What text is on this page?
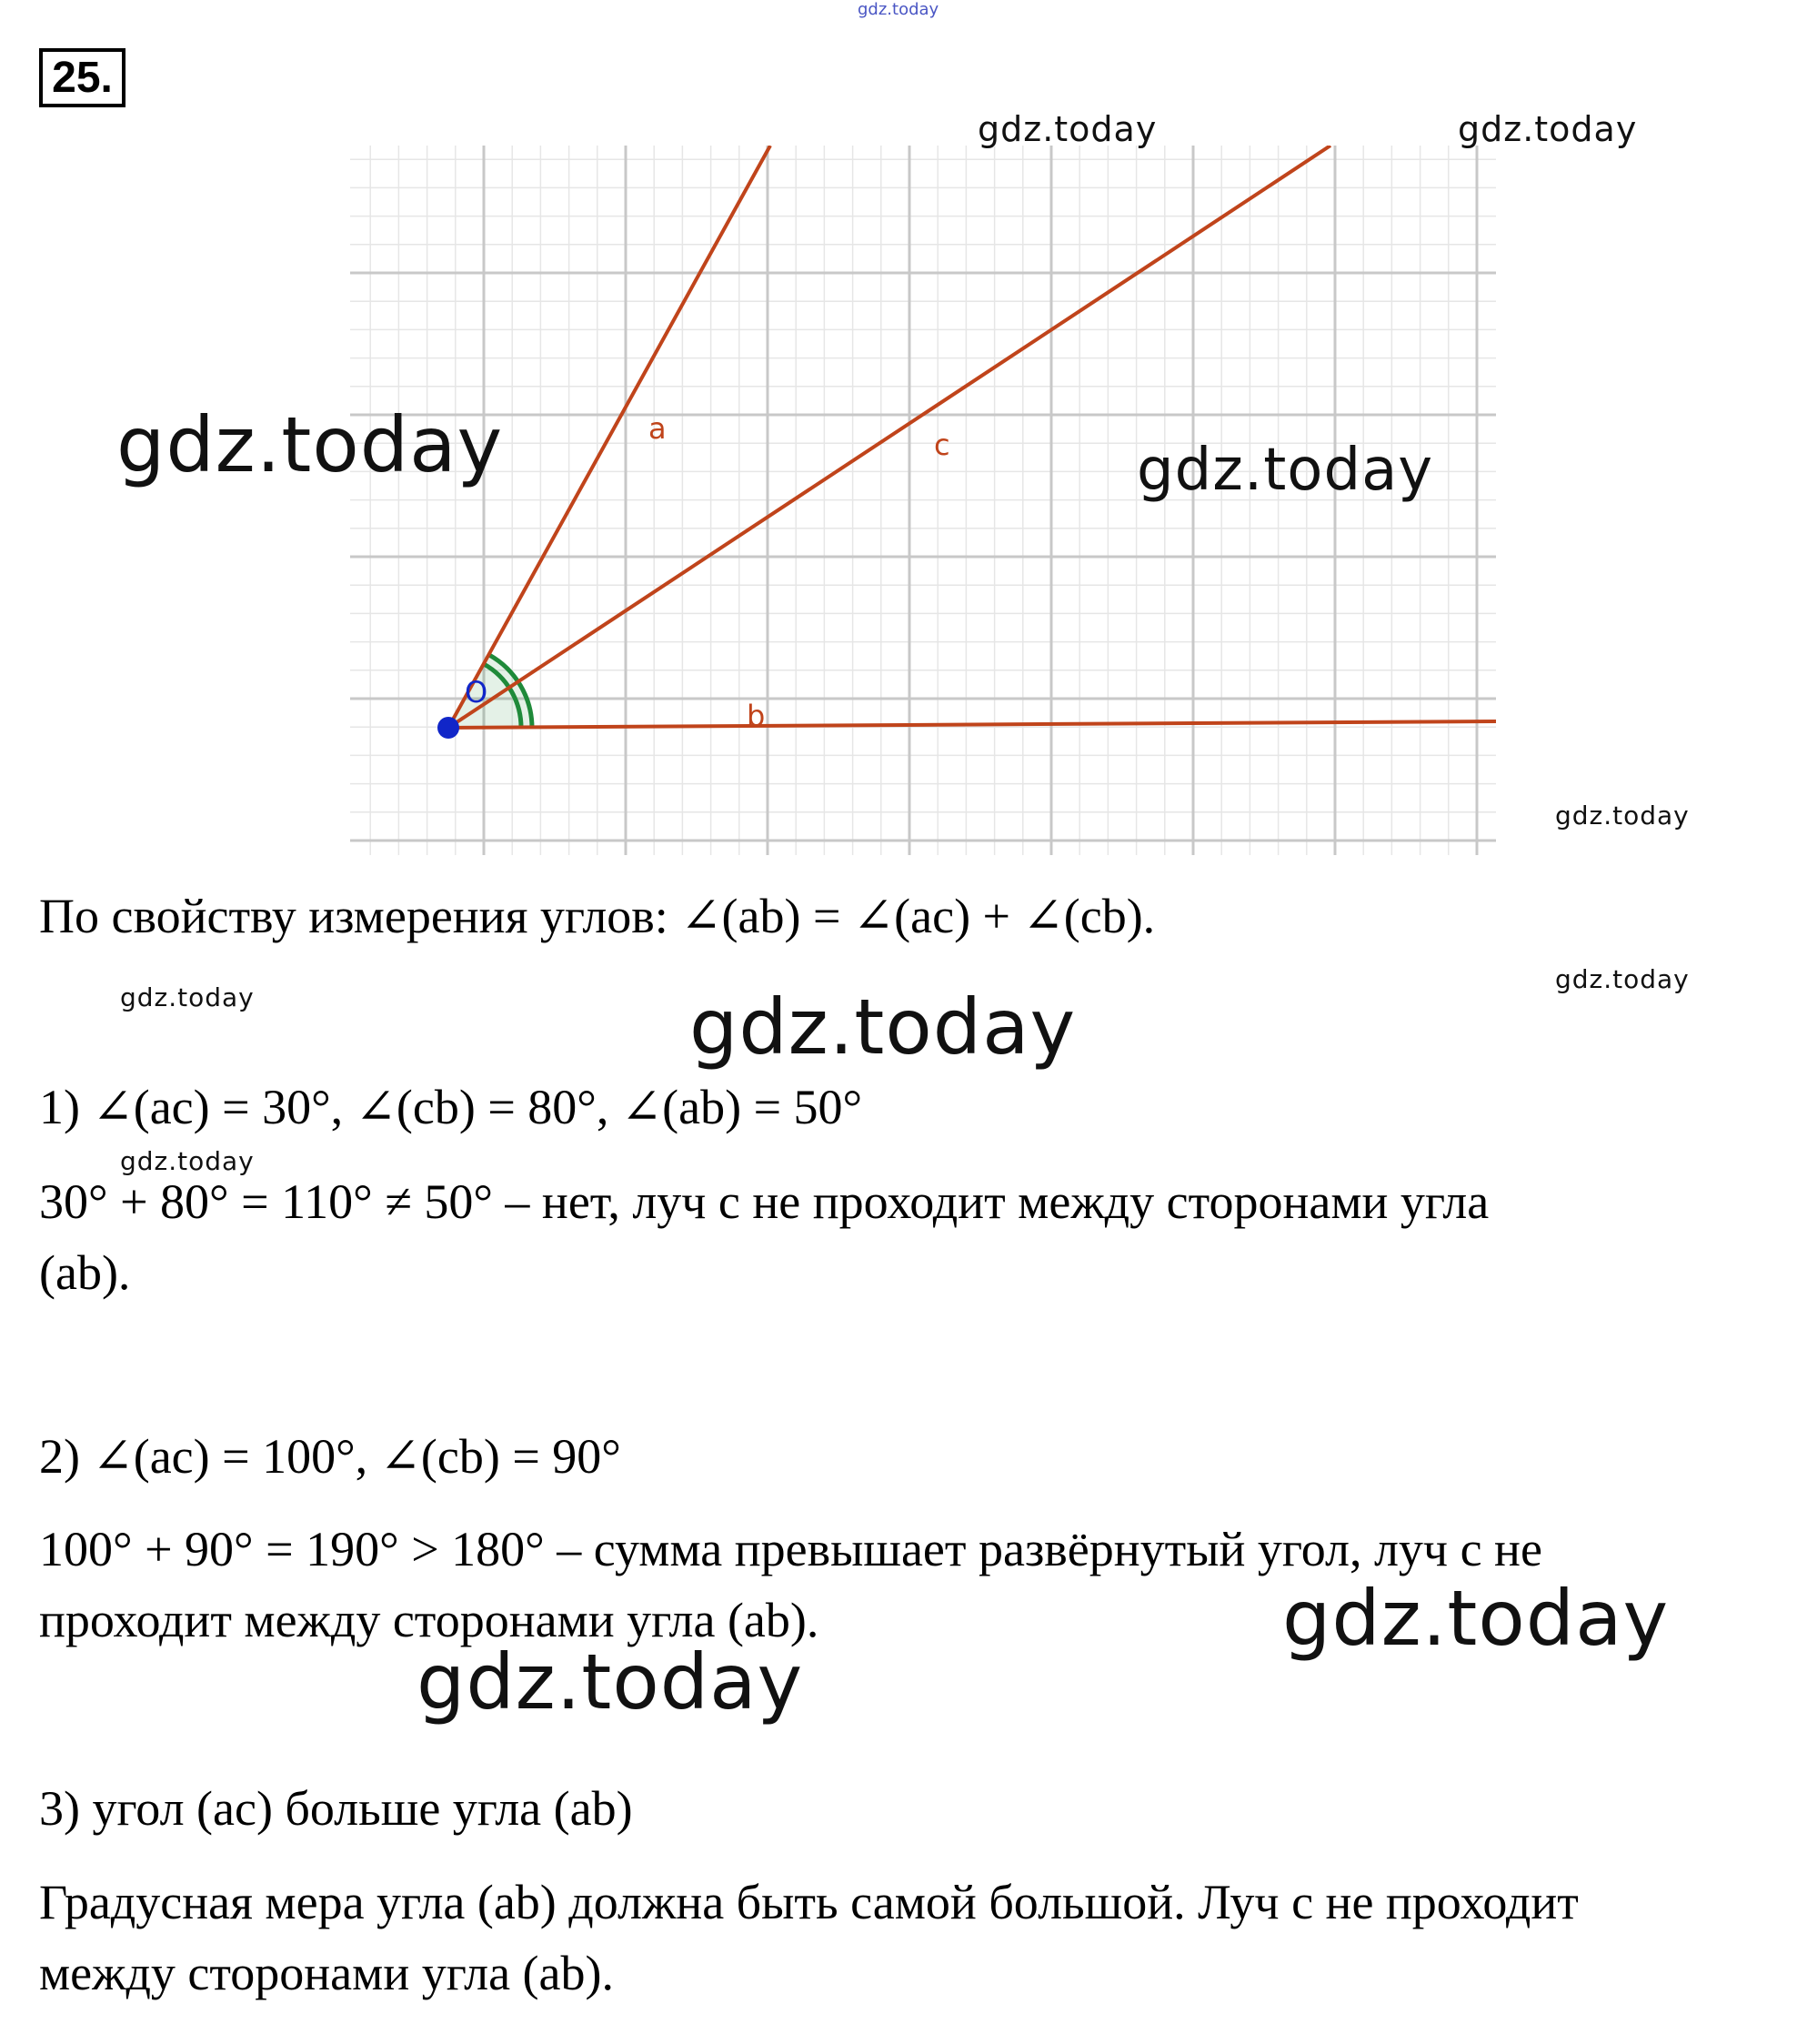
gdz.today
25.
gdz.today	gdz.today
a	c
b
O
gdz.today	gdz.today
gdz.today
По свойству измерения углов: ∠(ab) = ∠(ac) + ∠(cb).
gdz.today
gdz.today	gdz.today
1) ∠(ac) = 30°, ∠(cb) = 80°, ∠(ab) = 50°
gdz.today
30° + 80° = 110° ≠ 50° – нет, луч c не проходит между сторонами угла
(ab).
2) ∠(ac) = 100°, ∠(cb) = 90°
100° + 90° = 190° > 180° – сумма превышает развёрнутый угол, луч c не
проходит между сторонами угла (ab).	gdz.today
gdz.today
3) угол (ac) больше угла (ab)
Градусная мера угла (ab) должна быть самой большой. Луч c не проходит
между сторонами угла (ab).
